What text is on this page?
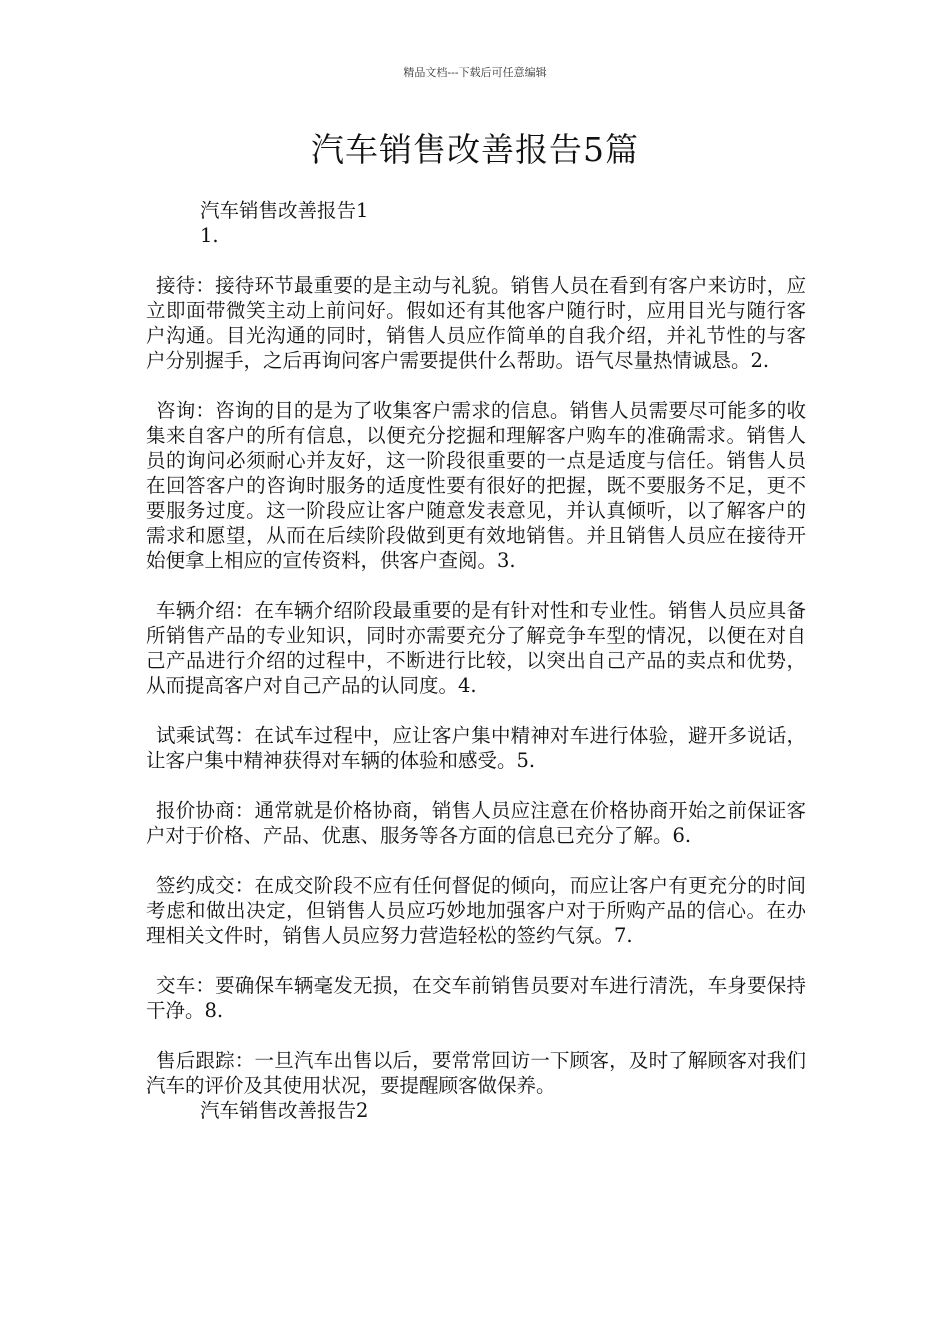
精品文档---下载后可任意编辑
汽车销售改善报告5篇
汽车销售改善报告1
1.

接待：接待环节最重要的是主动与礼貌。销售人员在看到有客户来访时，应立即面带微笑主动上前问好。假如还有其他客户随行时，应用目光与随行客户沟通。目光沟通的同时，销售人员应作简单的自我介绍，并礼节性的与客户分别握手，之后再询问客户需要提供什么帮助。语气尽量热情诚恳。2.

咨询：咨询的目的是为了收集客户需求的信息。销售人员需要尽可能多的收集来自客户的所有信息，以便充分挖掘和理解客户购车的准确需求。销售人员的询问必须耐心并友好，这一阶段很重要的一点是适度与信任。销售人员在回答客户的咨询时服务的适度性要有很好的把握，既不要服务不足，更不要服务过度。这一阶段应让客户随意发表意见，并认真倾听，以了解客户的需求和愿望，从而在后续阶段做到更有效地销售。并且销售人员应在接待开始便拿上相应的宣传资料，供客户查阅。3.

车辆介绍：在车辆介绍阶段最重要的是有针对性和专业性。销售人员应具备所销售产品的专业知识，同时亦需要充分了解竞争车型的情况，以便在对自己产品进行介绍的过程中，不断进行比较，以突出自己产品的卖点和优势，从而提高客户对自己产品的认同度。4.

试乘试驾：在试车过程中，应让客户集中精神对车进行体验，避开多说话，让客户集中精神获得对车辆的体验和感受。5.

报价协商：通常就是价格协商，销售人员应注意在价格协商开始之前保证客户对于价格、产品、优惠、服务等各方面的信息已充分了解。6.

签约成交：在成交阶段不应有任何督促的倾向，而应让客户有更充分的时间考虑和做出决定，但销售人员应巧妙地加强客户对于所购产品的信心。在办理相关文件时，销售人员应努力营造轻松的签约气氛。7.

交车：要确保车辆毫发无损，在交车前销售员要对车进行清洗，车身要保持干净。8.

售后跟踪：一旦汽车出售以后，要常常回访一下顾客，及时了解顾客对我们汽车的评价及其使用状况，要提醒顾客做保养。

汽车销售改善报告2
